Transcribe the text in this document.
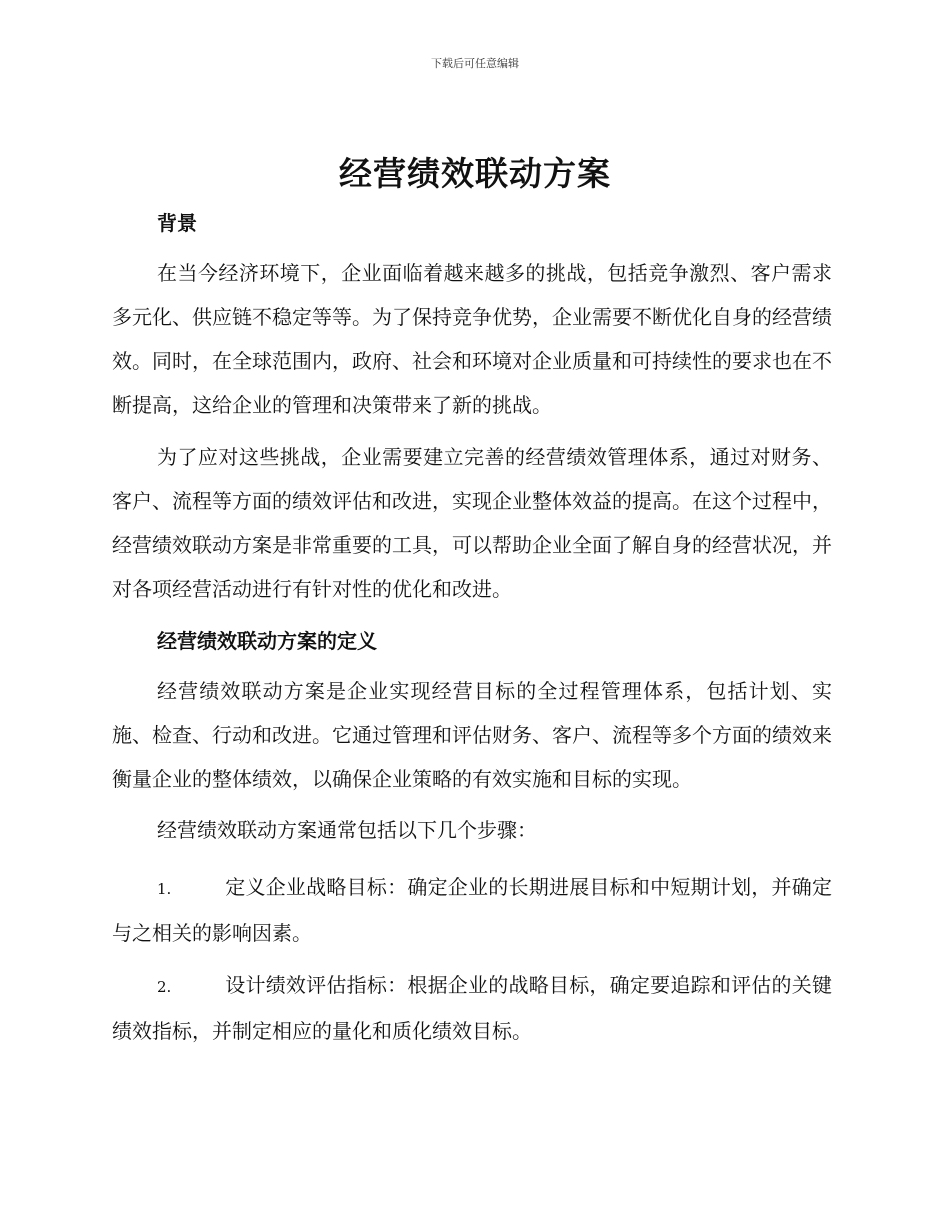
下载后可任意编辑
经营绩效联动方案
背景

在当今经济环境下，企业面临着越来越多的挑战，包括竞争激烈、客户需求多元化、供应链不稳定等等。为了保持竞争优势，企业需要不断优化自身的经营绩效。同时，在全球范围内，政府、社会和环境对企业质量和可持续性的要求也在不断提高，这给企业的管理和决策带来了新的挑战。

为了应对这些挑战，企业需要建立完善的经营绩效管理体系，通过对财务、客户、流程等方面的绩效评估和改进，实现企业整体效益的提高。在这个过程中，经营绩效联动方案是非常重要的工具，可以帮助企业全面了解自身的经营状况，并对各项经营活动进行有针对性的优化和改进。

经营绩效联动方案的定义

经营绩效联动方案是企业实现经营目标的全过程管理体系，包括计划、实施、检查、行动和改进。它通过管理和评估财务、客户、流程等多个方面的绩效来衡量企业的整体绩效，以确保企业策略的有效实施和目标的实现。

经营绩效联动方案通常包括以下几个步骤：

1.	定义企业战略目标：确定企业的长期进展目标和中短期计划，并确定与之相关的影响因素。

2.	设计绩效评估指标：根据企业的战略目标，确定要追踪和评估的关键绩效指标，并制定相应的量化和质化绩效目标。
